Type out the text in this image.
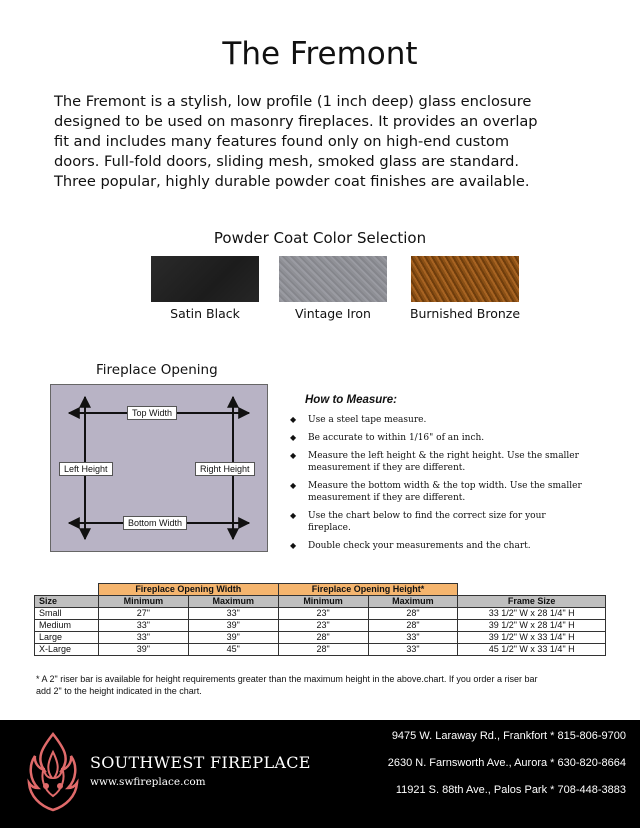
The Fremont
The Fremont is a stylish, low profile (1 inch deep) glass enclosure
designed to be used on masonry fireplaces. It provides an overlap
fit and includes many features found only on high-end custom
doors. Full-fold doors, sliding mesh, smoked glass are standard.
Three popular, highly durable powder coat finishes are available.
Powder Coat Color Selection
Satin Black	Vintage Iron	Burnished Bronze
Fireplace Opening
Top Width
Bottom Width
Left Height	Right Height
How to Measure:
◆ Use a steel tape measure.
◆ Be accurate to within 1/16" of an inch.
◆ Measure the left height & the right height. Use the smaller measurement if they are different.
◆ Measure the bottom width & the top width. Use the smaller measurement if they are different.
◆ Use the chart below to find the correct size for your fireplace.
◆ Double check your measurements and the chart.
	Fireplace Opening Width		Fireplace Opening Height*		
Size	Minimum	Maximum	Minimum	Maximum	Frame Size
Small	27"	33"	23"	28"	33 1/2" W x 28 1/4" H
Medium	33"	39"	23"	28"	39 1/2" W x 28 1/4" H
Large	33"	39"	28"	33"	39 1/2" W x 33 1/4" H
X-Large	39"	45"	28"	33"	45 1/2" W x 33 1/4" H
* A 2" riser bar is available for height requirements greater than the maximum height in the above.chart. If you order a riser bar
add 2" to the height indicated in the chart.
SOUTHWEST FIREPLACE
www.swfireplace.com
9475 W. Laraway Rd., Frankfort * 815-806-9700
2630 N. Farnsworth Ave., Aurora * 630-820-8664
11921 S. 88th Ave., Palos Park * 708-448-3883
